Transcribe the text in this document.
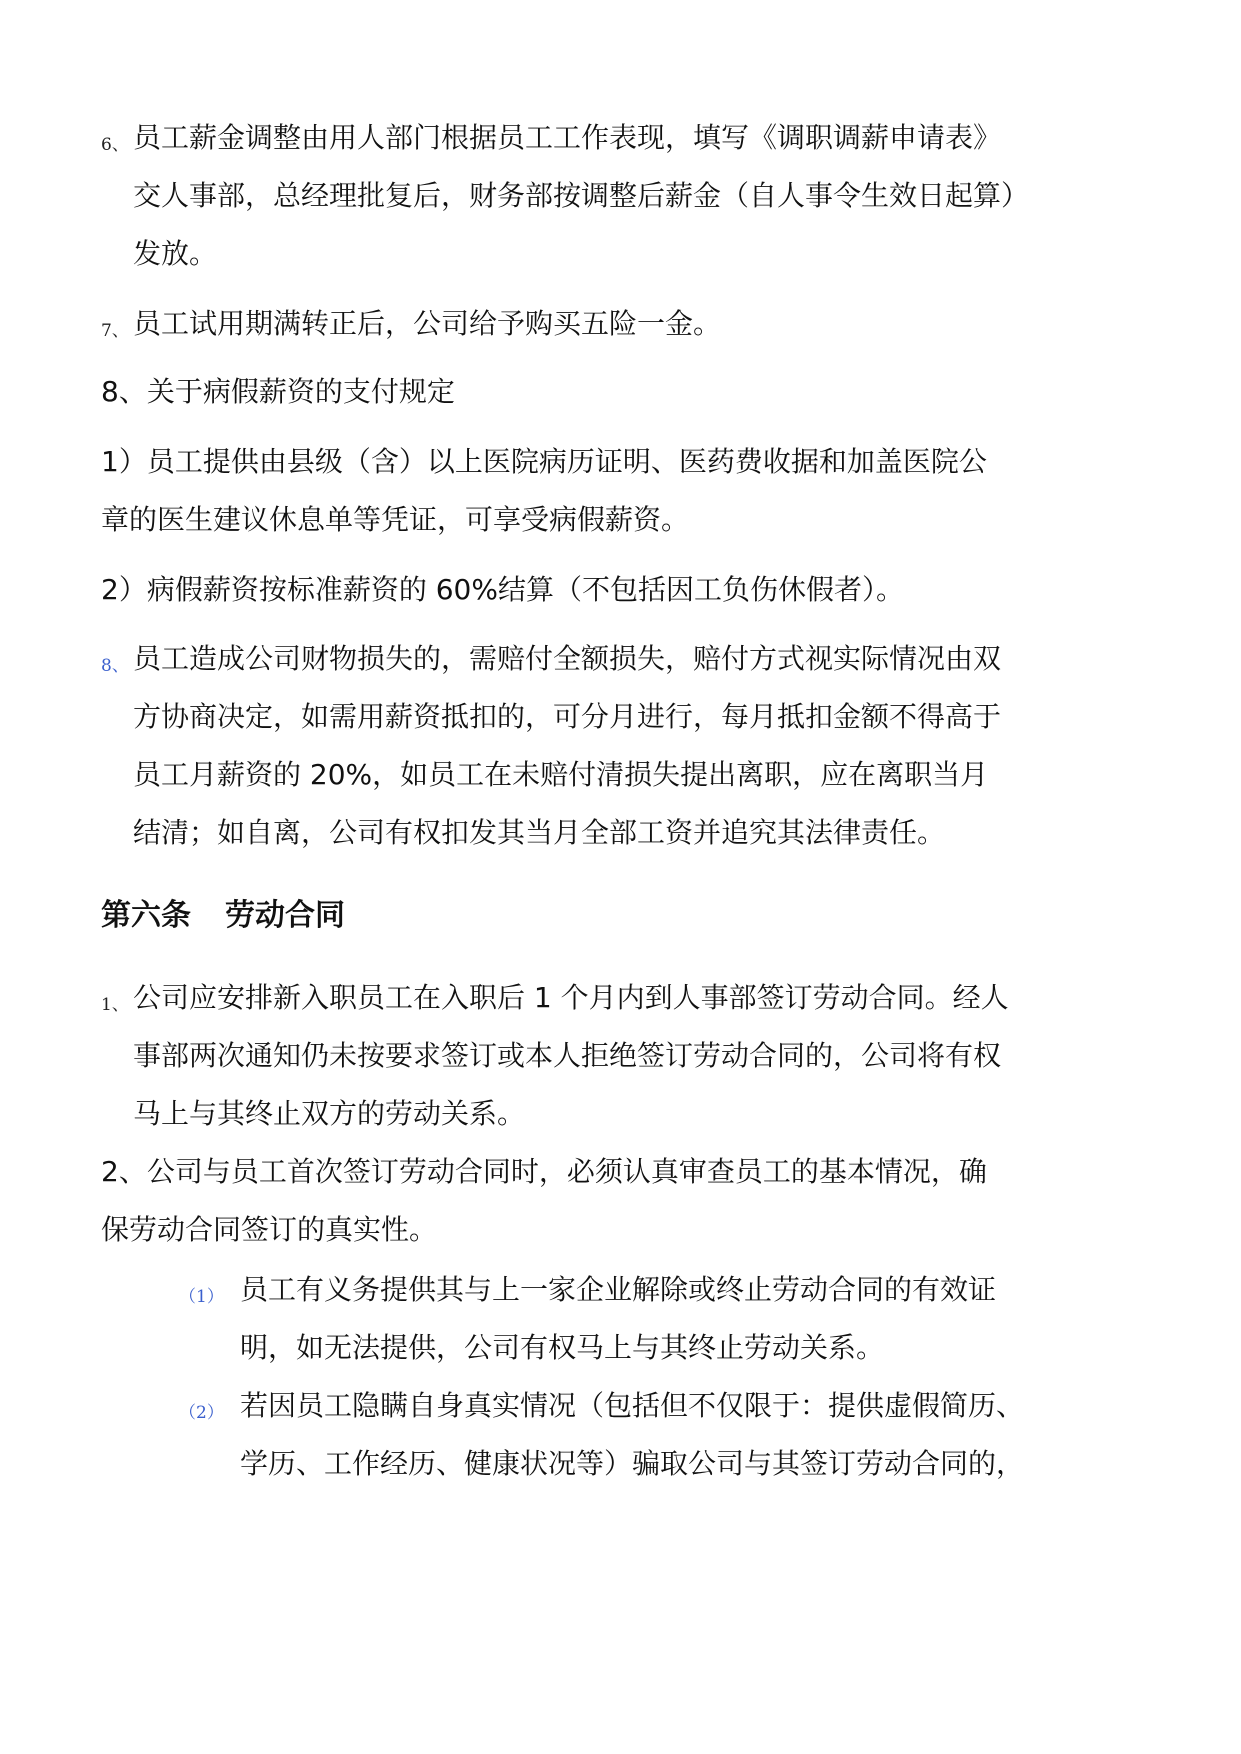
6、 员工薪金调整由用人部门根据员工工作表现，填写《调职调薪申请表》
交人事部，总经理批复后，财务部按调整后薪金（自人事令生效日起算）
发放。
7、 员工试用期满转正后，公司给予购买五险一金。
8、关于病假薪资的支付规定
1）员工提供由县级（含）以上医院病历证明、医药费收据和加盖医院公
章的医生建议休息单等凭证，可享受病假薪资。
2）病假薪资按标准薪资的 60%结算（不包括因工负伤休假者）。
8、 员工造成公司财物损失的，需赔付全额损失，赔付方式视实际情况由双
方协商决定，如需用薪资抵扣的，可分月进行，每月抵扣金额不得高于
员工月薪资的 20%，如员工在未赔付清损失提出离职，应在离职当月
结清；如自离，公司有权扣发其当月全部工资并追究其法律责任。
第六条 劳动合同
1、 公司应安排新入职员工在入职后 1 个月内到人事部签订劳动合同。经人
事部两次通知仍未按要求签订或本人拒绝签订劳动合同的，公司将有权
马上与其终止双方的劳动关系。
2、公司与员工首次签订劳动合同时，必须认真审查员工的基本情况，确
保劳动合同签订的真实性。
（1） 员工有义务提供其与上一家企业解除或终止劳动合同的有效证
明，如无法提供，公司有权马上与其终止劳动关系。
（2） 若因员工隐瞒自身真实情况（包括但不仅限于：提供虚假简历、
学历、工作经历、健康状况等）骗取公司与其签订劳动合同的，
